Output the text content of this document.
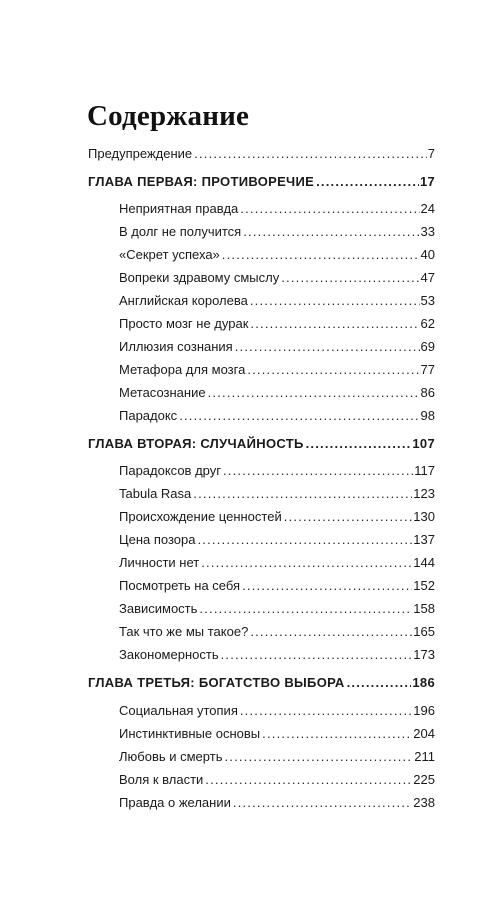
Содержание
Предупреждение .....	7
ГЛАВА ПЕРВАЯ: ПРОТИВОРЕЧИЕ .....	17
Неприятная правда .....	24
В долг не получится .....	33
«Секрет успеха» .....	40
Вопреки здравому смыслу .....	47
Английская королева .....	53
Просто мозг не дурак .....	62
Иллюзия сознания .....	69
Метафора для мозга .....	77
Метасознание .....	86
Парадокс .....	98
ГЛАВА ВТОРАЯ: СЛУЧАЙНОСТЬ .....	107
Парадоксов друг .....	117
Tabula Rasa .....	123
Происхождение ценностей .....	130
Цена позора .....	137
Личности нет .....	144
Посмотреть на себя .....	152
Зависимость .....	158
Так что же мы такое? .....	165
Закономерность .....	173
ГЛАВА ТРЕТЬЯ: БОГАТСТВО ВЫБОРА .....	186
Социальная утопия .....	196
Инстинктивные основы .....	204
Любовь и смерть .....	211
Воля к власти .....	225
Правда о желании .....	238
